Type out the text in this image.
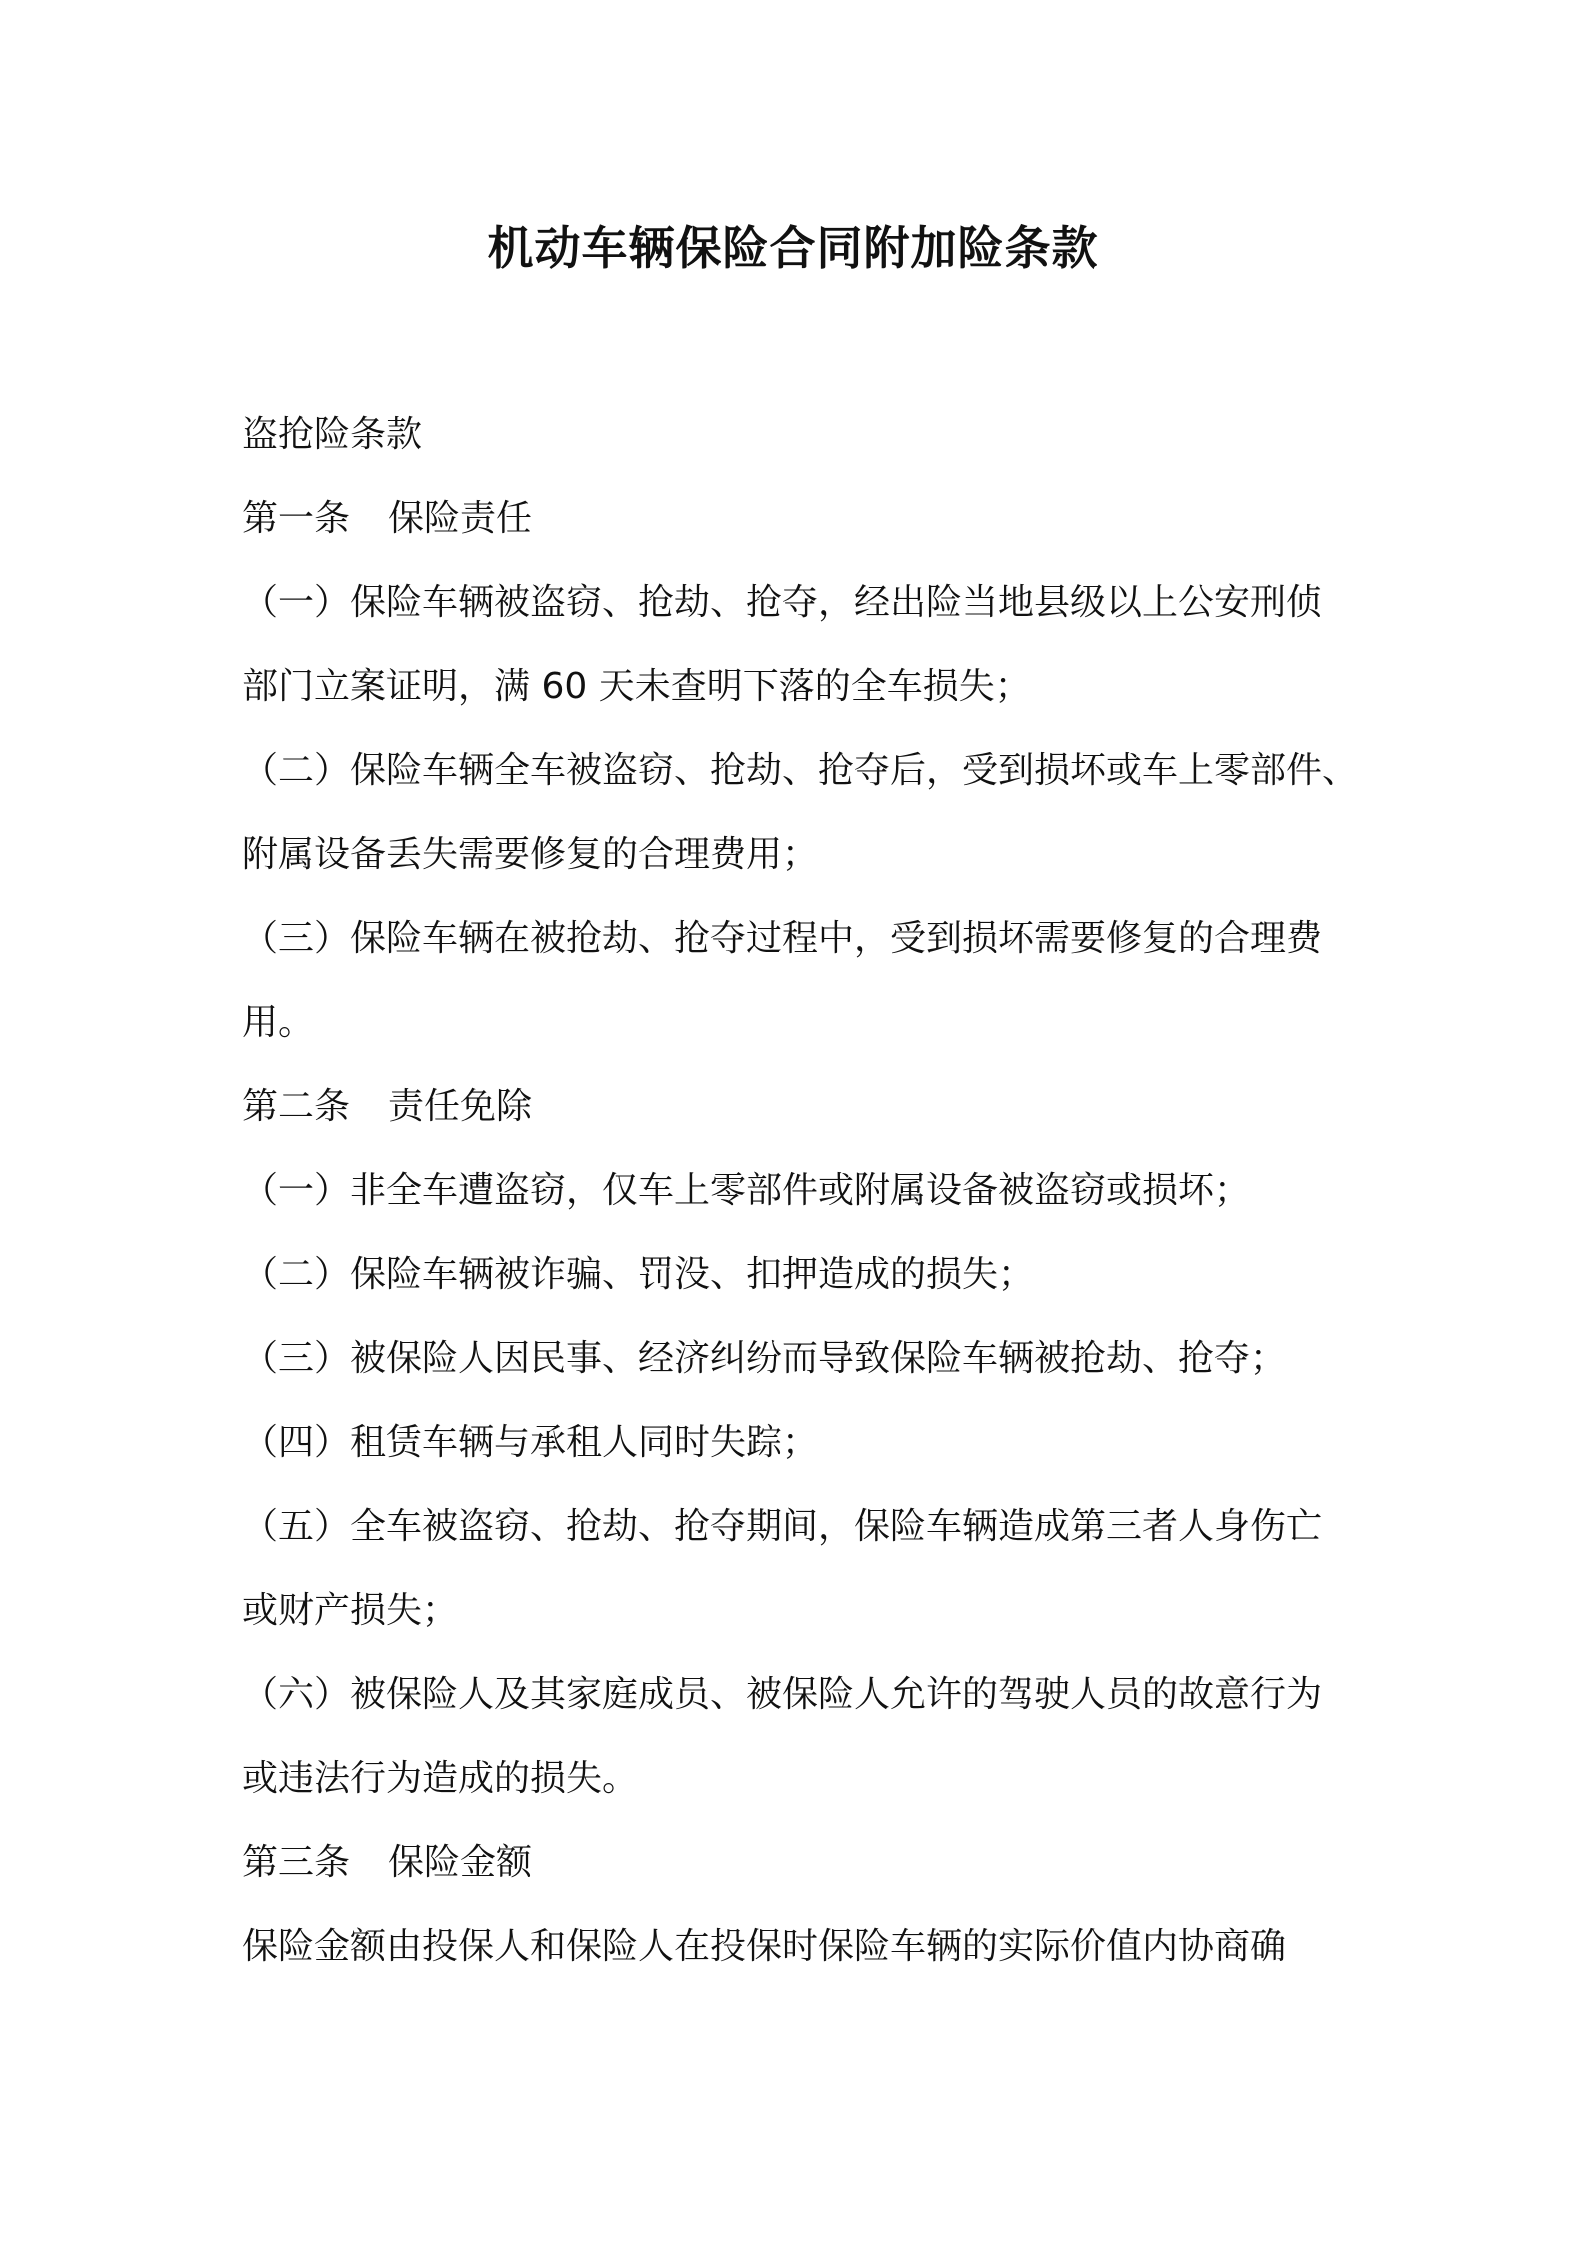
机动车辆保险合同附加险条款
盗抢险条款
第一条 保险责任
（一）保险车辆被盗窃、抢劫、抢夺，经出险当地县级以上公安刑侦
部门立案证明，满 60 天未查明下落的全车损失；
（二）保险车辆全车被盗窃、抢劫、抢夺后，受到损坏或车上零部件、
附属设备丢失需要修复的合理费用；
（三）保险车辆在被抢劫、抢夺过程中，受到损坏需要修复的合理费
用。
第二条 责任免除
（一）非全车遭盗窃，仅车上零部件或附属设备被盗窃或损坏；
（二）保险车辆被诈骗、罚没、扣押造成的损失；
（三）被保险人因民事、经济纠纷而导致保险车辆被抢劫、抢夺；
（四）租赁车辆与承租人同时失踪；
（五）全车被盗窃、抢劫、抢夺期间，保险车辆造成第三者人身伤亡
或财产损失；
（六）被保险人及其家庭成员、被保险人允许的驾驶人员的故意行为
或违法行为造成的损失。
第三条 保险金额
保险金额由投保人和保险人在投保时保险车辆的实际价值内协商确
